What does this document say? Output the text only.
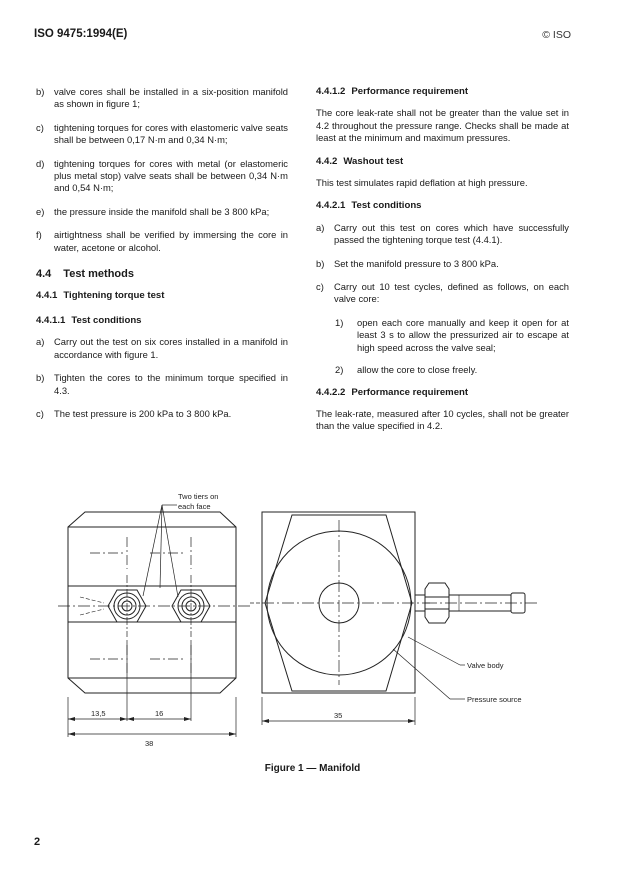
ISO 9475:1994(E)	© ISO
b)	valve cores shall be installed in a six-position manifold as shown in figure 1;
c)	tightening torques for cores with elastomeric valve seats shall be between 0,17 N·m and 0,34 N·m;
d)	tightening torques for cores with metal (or elastomeric plus metal stop) valve seats shall be between 0,34 N·m and 0,54 N·m;
e)	the pressure inside the manifold shall be 3 800 kPa;
f)	airtightness shall be verified by immersing the core in water, acetone or alcohol.
4.4 Test methods
4.4.1 Tightening torque test
4.4.1.1 Test conditions
a)	Carry out the test on six cores installed in a manifold in accordance with figure 1.
b)	Tighten the cores to the minimum torque specified in 4.3.
c)	The test pressure is 200 kPa to 3 800 kPa.
4.4.1.2 Performance requirement
The core leak-rate shall not be greater than the value set in 4.2 throughout the pressure range. Checks shall be made at least at the minimum and maximum pressures.
4.4.2 Washout test
This test simulates rapid deflation at high pressure.
4.4.2.1 Test conditions
a)	Carry out this test on cores which have successfully passed the tightening torque test (4.4.1).
b)	Set the manifold pressure to 3 800 kPa.
c)	Carry out 10 test cycles, defined as follows, on each valve core:
1)	open each core manually and keep it open for at least 3 s to allow the pressurized air to escape at high speed across the valve seal;
2)	allow the core to close freely.
4.4.2.2 Performance requirement
The leak-rate, measured after 10 cycles, shall not be greater than the value specified in 4.2.
Two tiers on
each face
Valve body
Pressure source
13,5	16
38
35
Figure 1 — Manifold
2
